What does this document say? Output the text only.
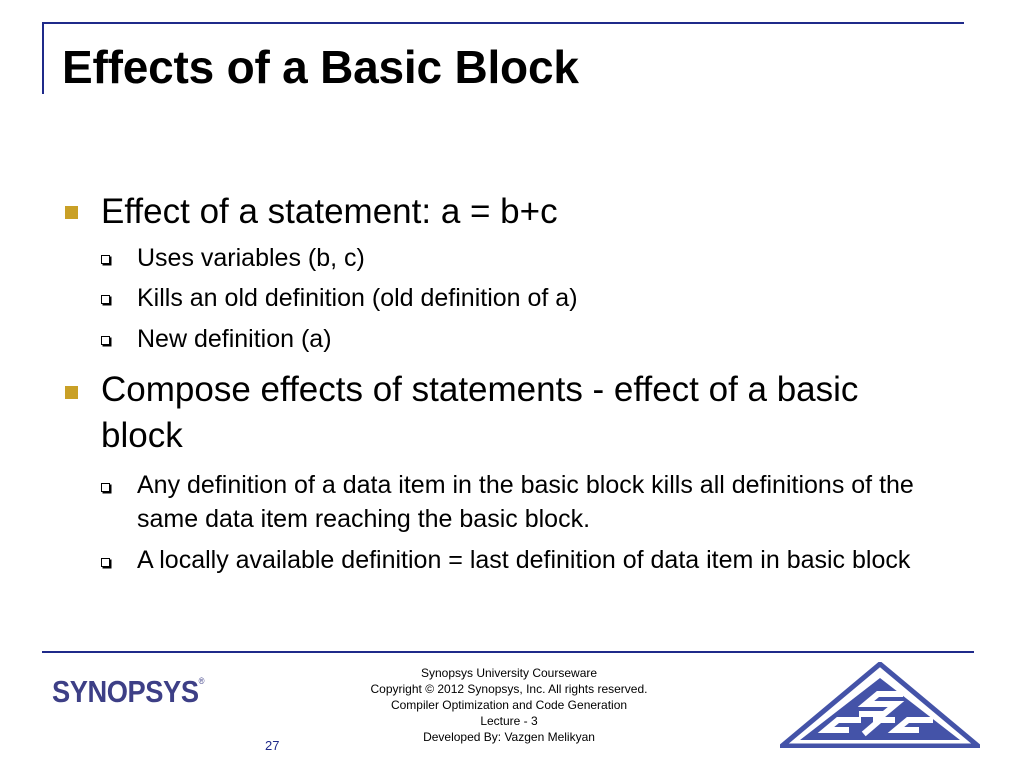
Effects of a Basic Block
Effect of a statement: a = b+c
Uses variables (b, c)
Kills an old definition (old definition of a)
New definition (a)
Compose effects of statements - effect of a basic block
Any definition of a data item in the basic block kills all definitions of the same data item reaching the basic block.
A locally available definition = last definition of data item in basic block
SYNOPSYS®
Synopsys University Courseware
Copyright © 2012 Synopsys, Inc. All rights reserved.
Compiler Optimization and Code Generation
Lecture - 3
Developed By: Vazgen Melikyan
27
